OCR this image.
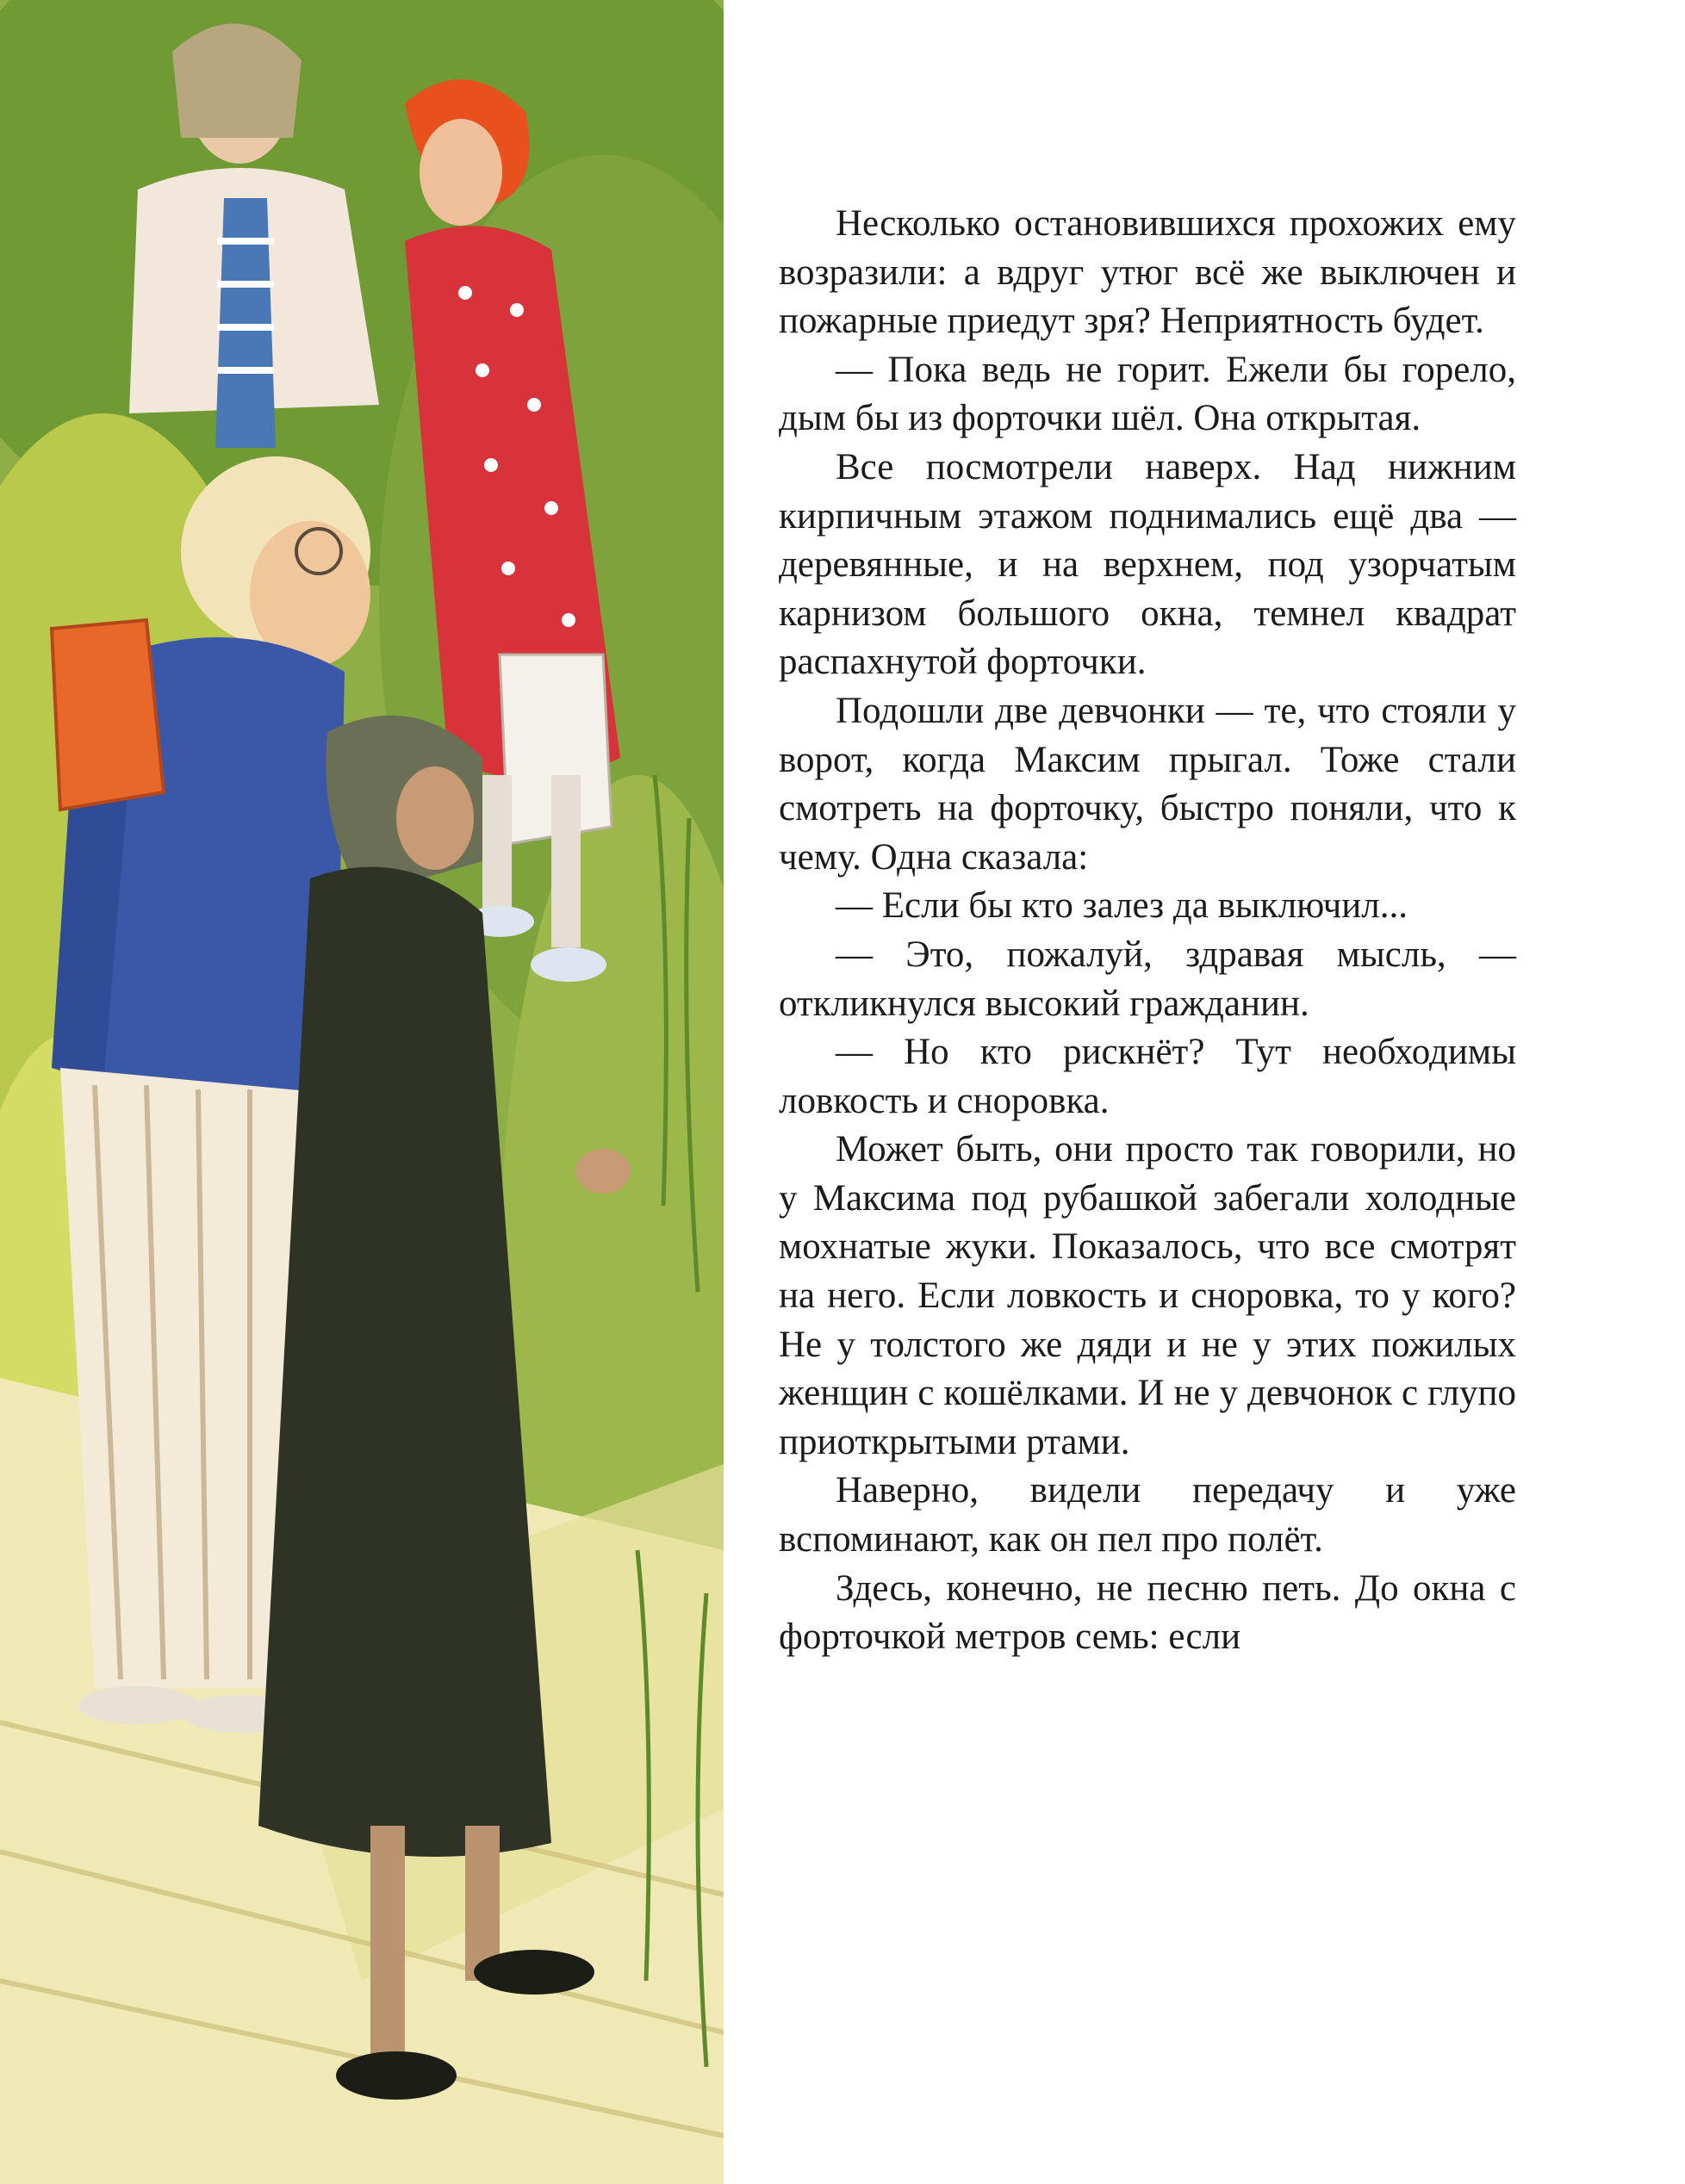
Несколько остановившихся прохожих ему возразили: а вдруг утюг всё же выключен и пожарные приедут зря? Неприятность будет.

— Пока ведь не горит. Ежели бы горело, дым бы из форточки шёл. Она открытая.

Все посмотрели наверх. Над нижним кирпичным этажом поднимались ещё два — деревянные, и на верхнем, под узорчатым карнизом большого окна, темнел квадрат распахнутой форточки.

Подошли две девчонки — те, что стояли у ворот, когда Максим прыгал. Тоже стали смотреть на форточку, быстро поняли, что к чему. Одна сказала:

— Если бы кто залез да выключил...

— Это, пожалуй, здравая мысль, — откликнулся высокий гражданин.

— Но кто рискнёт? Тут необходимы ловкость и сноровка.

Может быть, они просто так говорили, но у Максима под рубашкой забегали холодные мохнатые жуки. Показалось, что все смотрят на него. Если ловкость и сноровка, то у кого? Не у толстого же дяди и не у этих пожилых женщин с кошёлками. И не у девчонок с глупо приоткрытыми ртами.

Наверно, видели передачу и уже вспоминают, как он пел про полёт.

Здесь, конечно, не песню петь. До окна с форточкой метров семь: если
